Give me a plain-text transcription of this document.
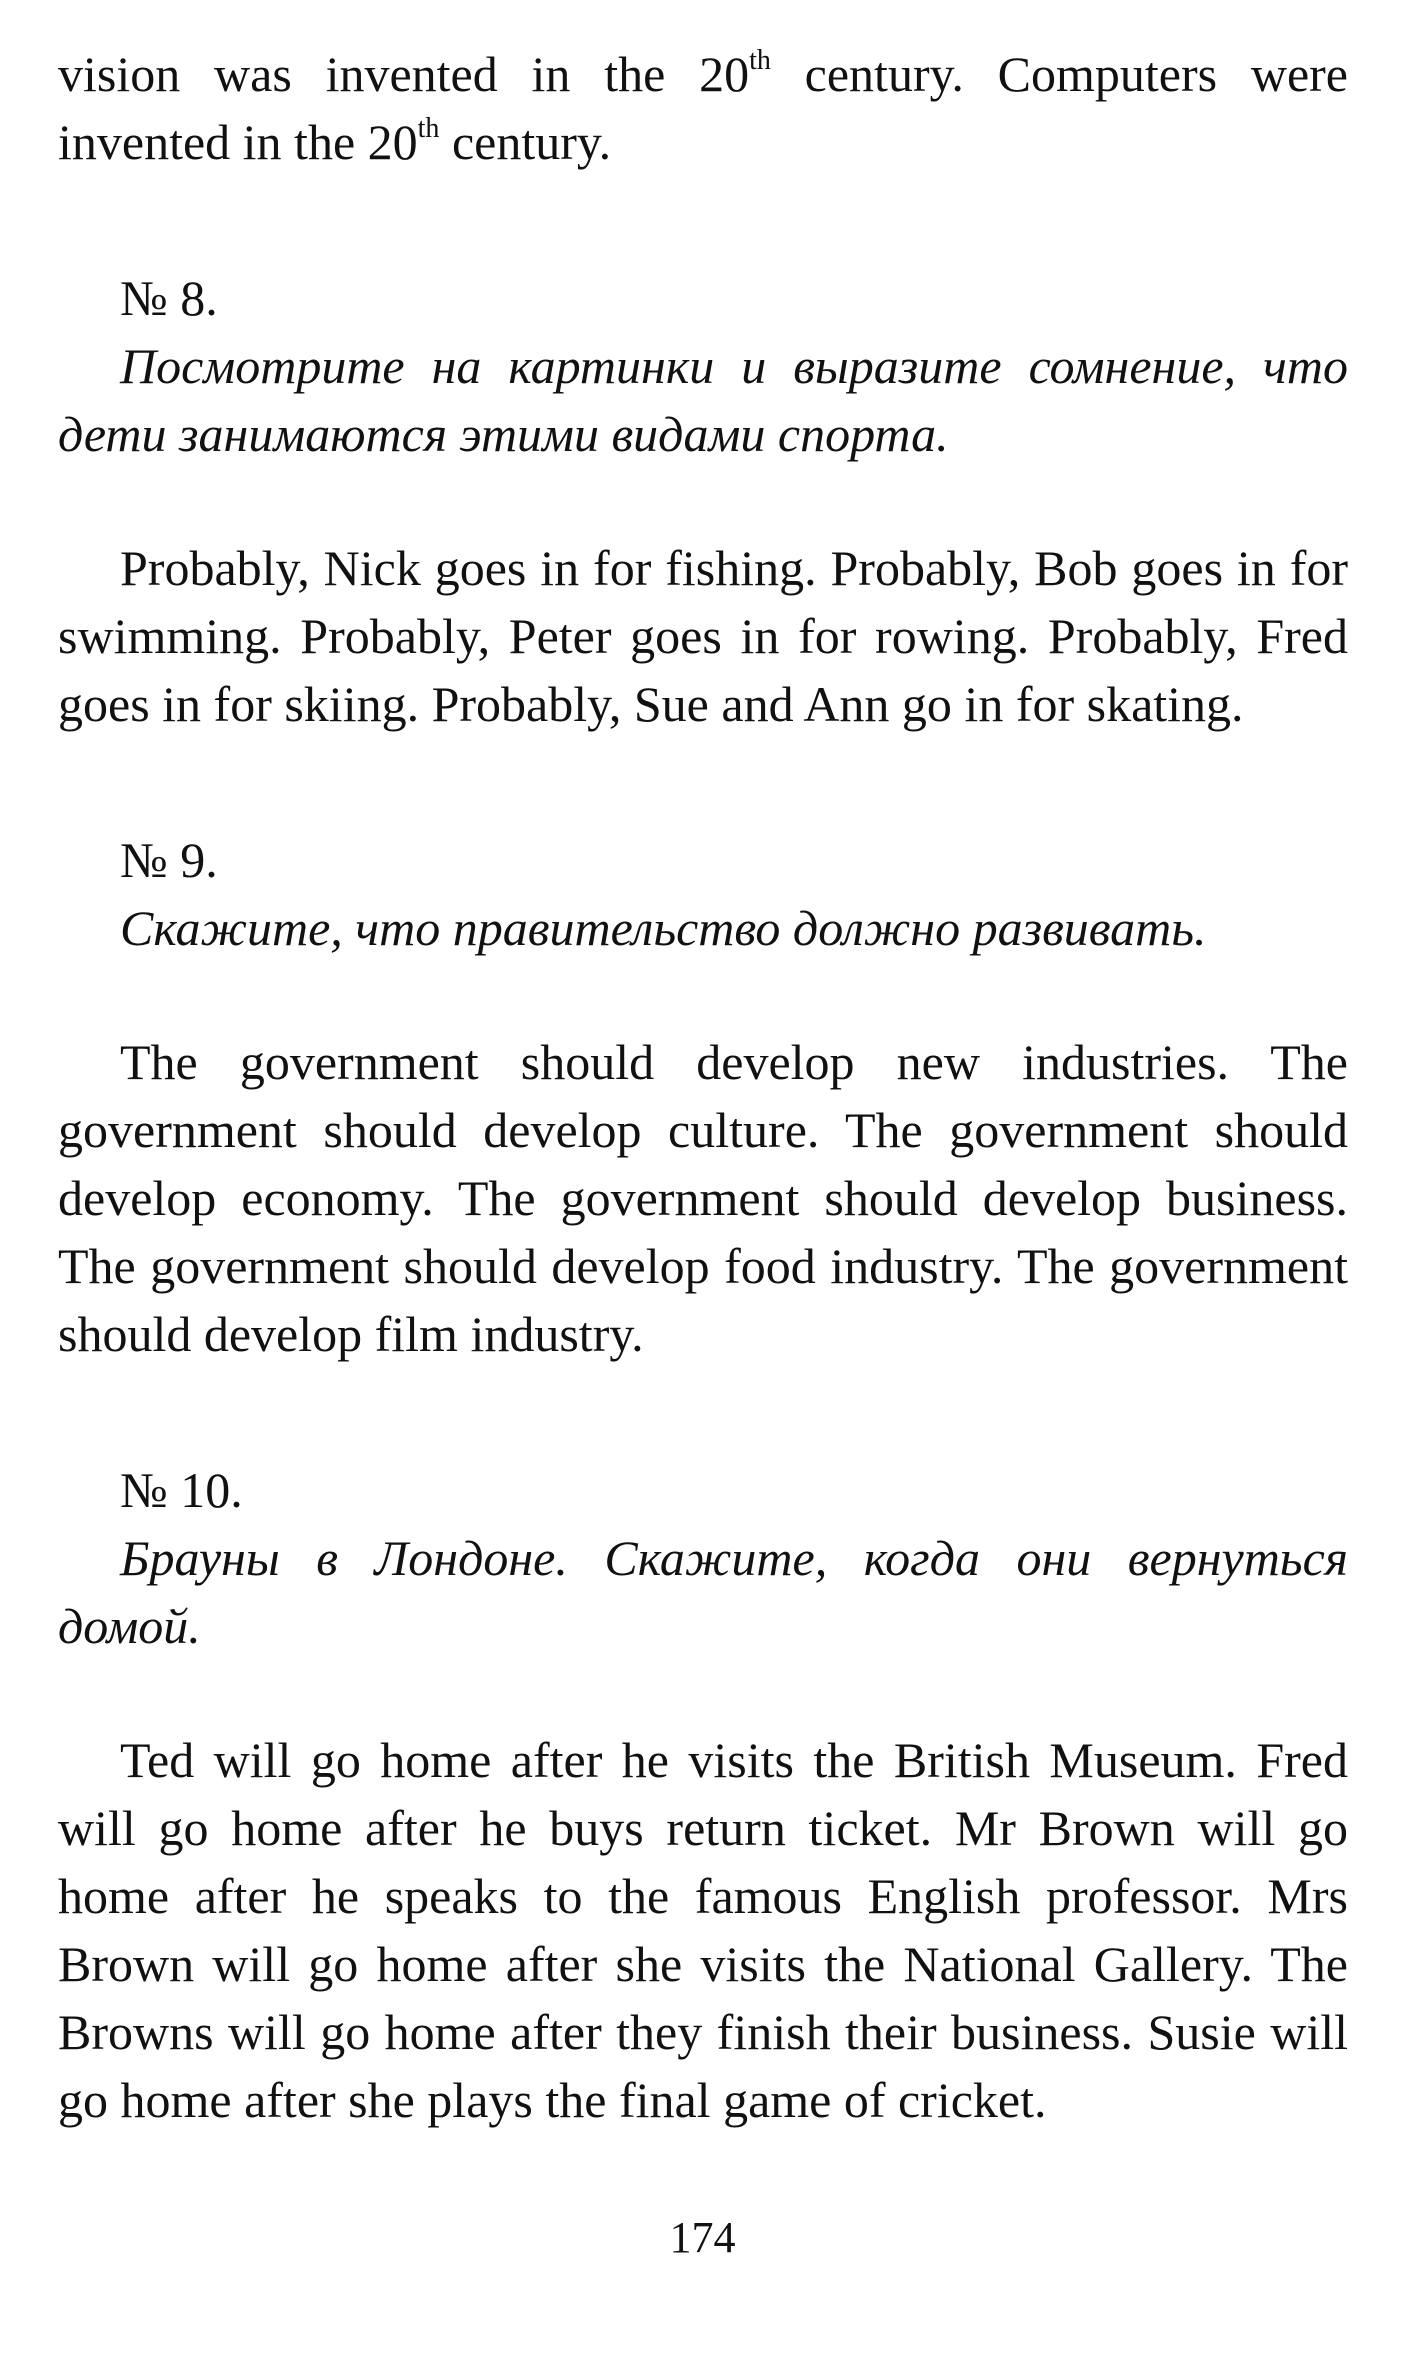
vision was invented in the 20th century. Computers were invented in the 20th century.

№ 8.

Посмотрите на картинки и выразите сомнение, что дети занимаются этими видами спорта.

Probably, Nick goes in for fishing. Probably, Bob goes in for swimming. Probably, Peter goes in for rowing. Probably, Fred goes in for skiing. Probably, Sue and Ann go in for skating.

№ 9.

Скажите, что правительство должно развивать.

The government should develop new industries. The government should develop culture. The government should develop economy. The government should develop business. The government should develop food industry. The government should develop film industry.

№ 10.

Брауны в Лондоне. Скажите, когда они вернуться домой.

Ted will go home after he visits the British Museum. Fred will go home after he buys return ticket. Mr Brown will go home after he speaks to the famous English professor. Mrs Brown will go home after she visits the National Gallery. The Browns will go home after they finish their business. Susie will go home after she plays the final game of cricket.

174
